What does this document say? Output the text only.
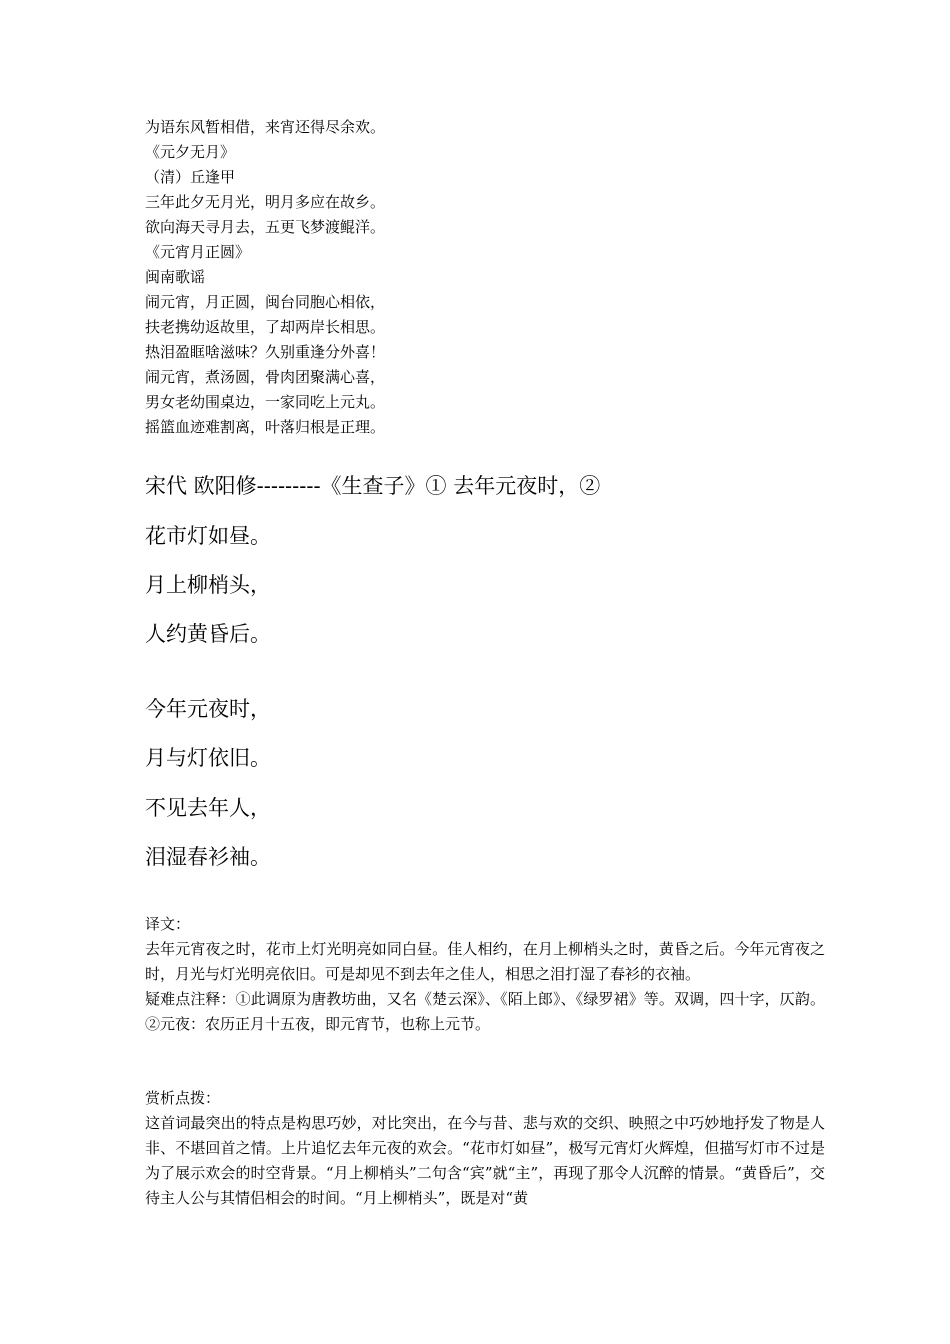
为语东风暂相借，来宵还得尽余欢。
《元夕无月》
（清）丘逢甲
三年此夕无月光，明月多应在故乡。
欲向海天寻月去，五更飞梦渡鲲洋。
《元宵月正圆》
闽南歌谣
闹元宵，月正圆，闽台同胞心相依，
扶老携幼返故里，了却两岸长相思。
热泪盈眶啥滋味？久别重逢分外喜！
闹元宵，煮汤圆，骨肉团聚满心喜，
男女老幼围桌边，一家同吃上元丸。
摇篮血迹难割离，叶落归根是正理。
宋代 欧阳修---------《生查子》① 去年元夜时，②
花市灯如昼。
月上柳梢头，
人约黄昏后。
今年元夜时，
月与灯依旧。
不见去年人，
泪湿春衫袖。
译文：
去年元宵夜之时，花市上灯光明亮如同白昼。佳人相约，在月上柳梢头之时，黄昏之后。今年元宵夜之时，月光与灯光明亮依旧。可是却见不到去年之佳人，相思之泪打湿了春衫的衣袖。
疑难点注释：①此调原为唐教坊曲，又名《楚云深》、《陌上郎》、《绿罗裙》等。双调，四十字，仄韵。 ②元夜：农历正月十五夜，即元宵节，也称上元节。
赏析点拨：
这首词最突出的特点是构思巧妙，对比突出，在今与昔、悲与欢的交织、映照之中巧妙地抒发了物是人非、不堪回首之情。上片追忆去年元夜的欢会。“花市灯如昼”，极写元宵灯火辉煌，但描写灯市不过是为了展示欢会的时空背景。“月上柳梢头”二句含“宾”就“主”，再现了那令人沉醉的情景。“黄昏后”，交待主人公与其情侣相会的时间。“月上柳梢头”，既是对“黄
